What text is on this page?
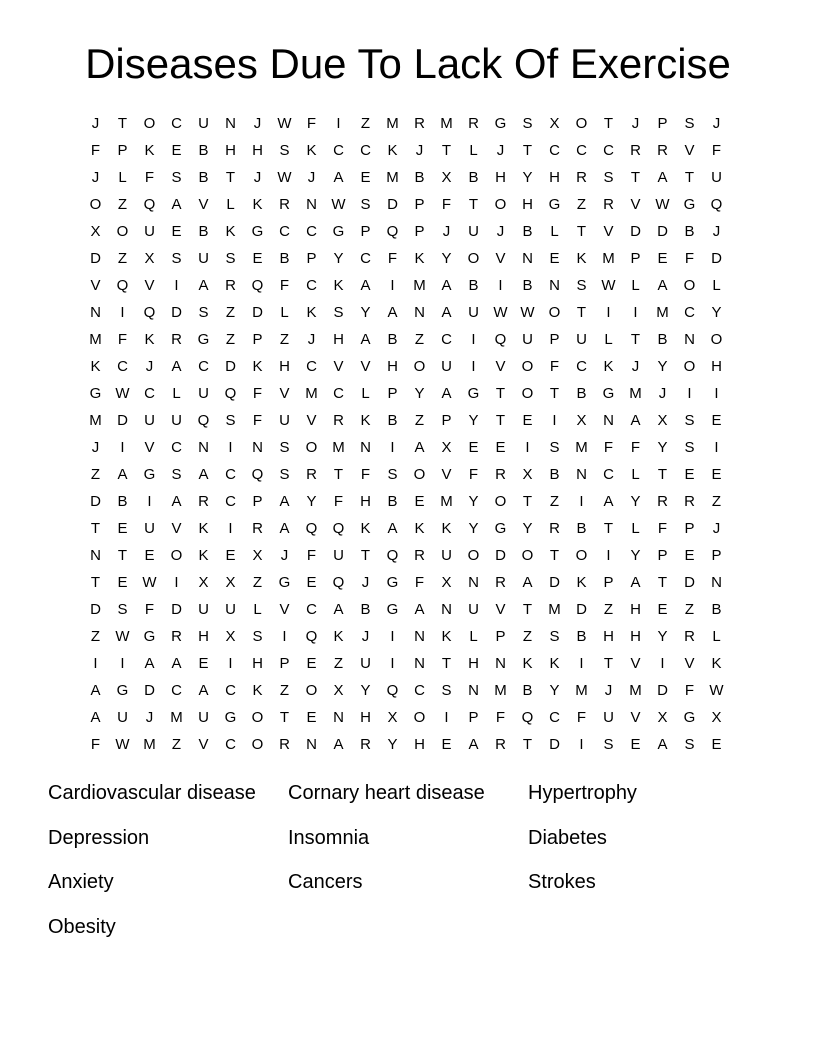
Diseases Due To Lack Of Exercise
J	T	O	C	U	N	J	W	F	I	Z	M	R	M	R	G	S	X	O	T	J	P	S	J
F	P	K	E	B	H	H	S	K	C	C	K	J	T	L	J	T	C	C	C	R	R	V	F
J	L	F	S	B	T	J	W	J	A	E	M	B	X	B	H	Y	H	R	S	T	A	T	U
O	Z	Q	A	V	L	K	R	N W S	D	P	F	T	O	H	G	Z	R	V W G	Q
X	O	U	E	B	K	G	C	C	G	P	Q	P	J	U	J	B	L	T	V	D	D	B	J
D	Z	X	S	U	S	E	B	P	Y	C	F	K	Y	O	V	N	E	K	M	P	E	F	D
V	Q	V	I	A	R	Q	F	C	K	A	I	M	A	B	I	B	N	S W	L	A	O	L
N	I	Q	D	S	Z	D	L	K	S	Y	A	N	A	U W W O	T	I	I	M	C	Y
M	F	K	R	G	Z	P	Z	J	H	A	B	Z	C	I	Q	U	P	U	L	T	B	N	O
K	C	J	A	C	D	K	H	C	V	V	H	O	U	I	V	O	F	C	K	J	Y	O	H
G W C	L	U	Q	F	V	M	C	L	P	Y	A	G	T	O	T	B	G M	J	I	I
M	D	U	U	Q	S	F	U	V	R	K	B	Z	P	Y	T	E	I	X	N	A	X	S	E
J	I	V	C	N	I	N	S	O M	N	I	A	X	E	E	I	S	M	F	F	Y	S	I
Z	A	G	S	A	C	Q	S	R	T	F	S	O	V	F	R	X	B	N	C	L	T	E	E
D	B	I	A	R	C	P	A	Y	F	H	B	E	M	Y	O	T	Z	I	A	Y	R	R	Z
T	E	U	V	K	I	R	A	Q	Q	K	A	K	K	Y	G	Y	R	B	T	L	F	P	J
N	T	E	O	K	E	X	J	F	U	T	Q	R	U	O	D	O	T	O	I	Y	P	E	P
T	E W	I	X	X	Z	G	E	Q	J	G	F	X	N	R	A	D	K	P	A	T	D	N
D	S	F	D	U	U	L	V	C	A	B	G	A	N	U	V	T	M	D	Z	H	E	Z	B
Z	W G	R	H	X	S	I	Q	K	J	I	N	K	L	P	Z	S	B	H	H	Y	R	L
I	I	A	A	E	I	H	P	E	Z	U	I	N	T	H	N	K	K	I	T	V	I	V	K
A	G	D	C	A	C	K	Z	O	X	Y	Q	C	S	N	M	B	Y	M	J	M	D	F	W
A	U	J	M	U	G	O	T	E	N	H	X	O	I	P	F	Q	C	F	U	V	X	G	X
F	W M	Z	V	C	O	R	N	A	R	Y	H	E	A	R	T	D	I	S	E	A	S	E
Cardiovascular disease	Cornary heart disease	Hypertrophy
Depression	Insomnia	Diabetes
Anxiety	Cancers	Strokes
Obesity
